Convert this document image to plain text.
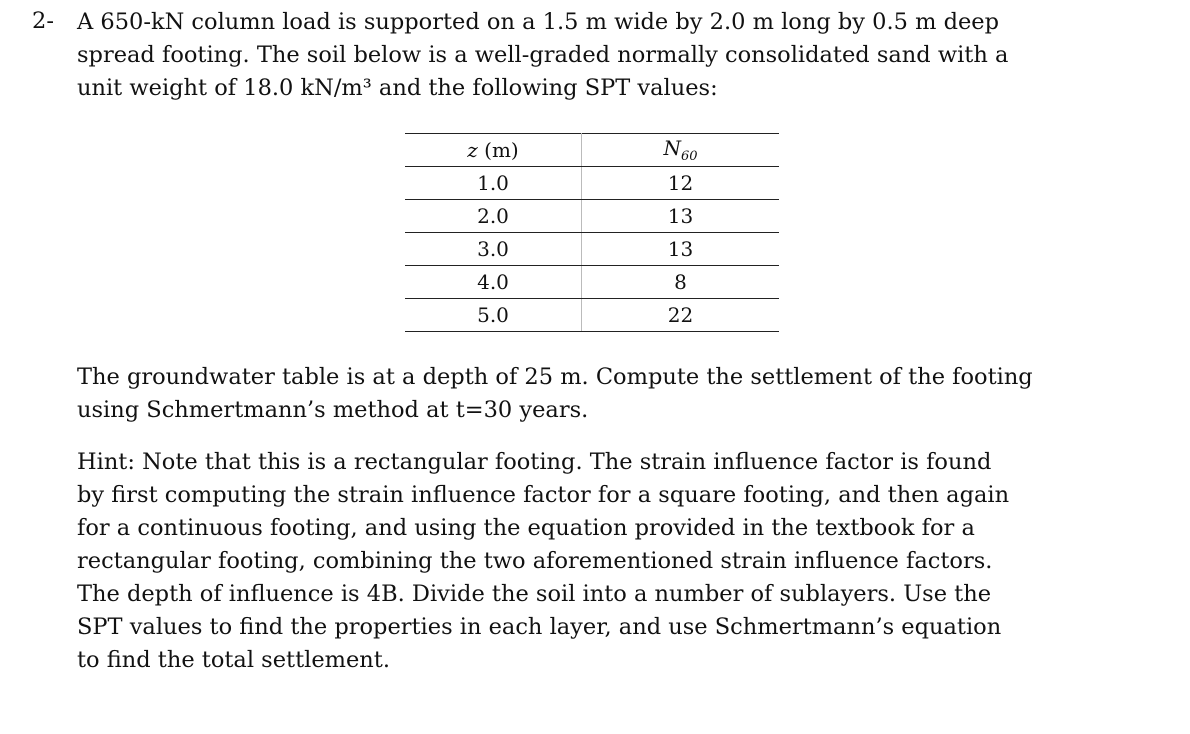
2- A 650-kN column load is supported on a 1.5 m wide by 2.0 m long by 0.5 m deep
spread footing. The soil below is a well-graded normally consolidated sand with a
unit weight of 18.0 kN/m³ and the following SPT values:
z (m)	$N_{60}$
1.0	12
2.0	13
3.0	13
4.0	8
5.0	22
The groundwater table is at a depth of 25 m. Compute the settlement of the footing
using Schmertmann’s method at t=30 years.
Hint: Note that this is a rectangular footing. The strain influence factor is found
by first computing the strain influence factor for a square footing, and then again
for a continuous footing, and using the equation provided in the textbook for a
rectangular footing, combining the two aforementioned strain influence factors.
The depth of influence is 4B. Divide the soil into a number of sublayers. Use the
SPT values to find the properties in each layer, and use Schmertmann’s equation
to find the total settlement.
